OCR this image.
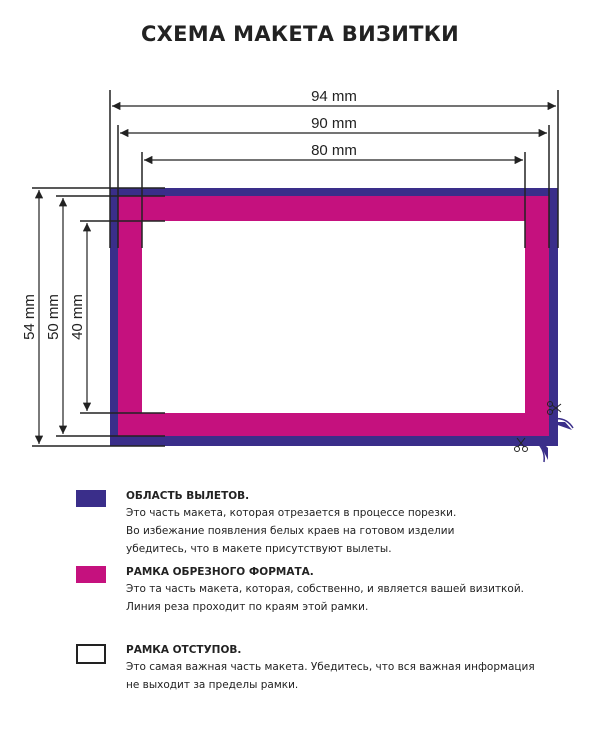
СХЕМА МАКЕТА ВИЗИТКИ
94 mm
90 mm
80 mm
54 mm 50 mm 40 mm
ОБЛАСТЬ ВЫЛЕТОВ.
Это часть макета, которая отрезается в процессе порезки.
Во избежание появления белых краев на готовом изделии
убедитесь, что в макете присутствуют вылеты.
РАМКА ОБРЕЗНОГО ФОРМАТА.
Это та часть макета, которая, собственно, и является вашей визиткой.
Линия реза проходит по краям этой рамки.
РАМКА ОТСТУПОВ.
Это самая важная часть макета. Убедитесь, что вся важная информация
не выходит за пределы рамки.
